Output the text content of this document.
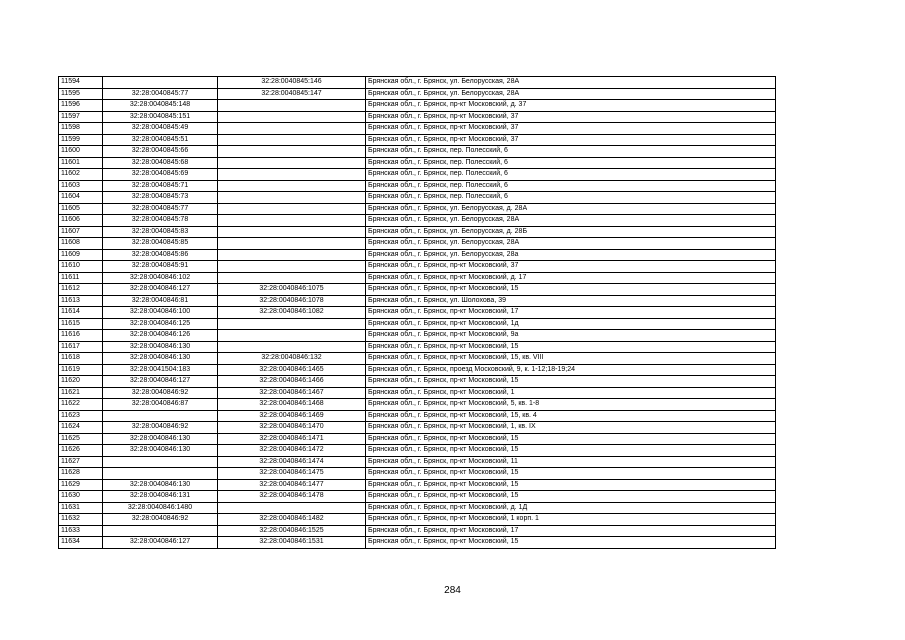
11594		32:28:0040845:146	Брянская обл., г. Брянск, ул. Белорусская, 28А
11595	32:28:0040845:77	32:28:0040845:147	Брянская обл., г. Брянск, ул. Белорусская, 28А
11596	32:28:0040845:148		Брянская обл., г. Брянск, пр-кт Московский, д. 37
11597	32:28:0040845:151		Брянская обл., г. Брянск, пр-кт Московский, 37
11598	32:28:0040845:49		Брянская обл., г. Брянск, пр-кт Московский, 37
11599	32:28:0040845:51		Брянская обл., г. Брянск, пр-кт Московский, 37
11600	32:28:0040845:66		Брянская обл., г. Брянск, пер. Полесский, 6
11601	32:28:0040845:68		Брянская обл., г. Брянск, пер. Полесский, 6
11602	32:28:0040845:69		Брянская обл., г. Брянск, пер. Полесский, 6
11603	32:28:0040845:71		Брянская обл., г. Брянск, пер. Полесский, 6
11604	32:28:0040845:73		Брянская обл., г. Брянск, пер. Полесский, 6
11605	32:28:0040845:77		Брянская обл., г. Брянск, ул. Белорусская, д. 28А
11606	32:28:0040845:78		Брянская обл., г. Брянск, ул. Белорусская, 28А
11607	32:28:0040845:83		Брянская обл., г. Брянск, ул. Белорусская, д. 28Б
11608	32:28:0040845:85		Брянская обл., г. Брянск, ул. Белорусская, 28А
11609	32:28:0040845:86		Брянская обл., г. Брянск, ул. Белорусская, 28а
11610	32:28:0040845:91		Брянская обл., г. Брянск, пр-кт Московский, 37
11611	32:28:0040846:102		Брянская обл., г. Брянск, пр-кт Московский, д. 17
11612	32:28:0040846:127	32:28:0040846:1075	Брянская обл., г. Брянск, пр-кт Московский, 15
11613	32:28:0040846:81	32:28:0040846:1078	Брянская обл., г. Брянск, ул. Шолохова, 39
11614	32:28:0040846:100	32:28:0040846:1082	Брянская обл., г. Брянск, пр-кт Московский, 17
11615	32:28:0040846:125		Брянская обл., г. Брянск, пр-кт Московский, 1д
11616	32:28:0040846:126		Брянская обл., г. Брянск, пр-кт Московский, 9а
11617	32:28:0040846:130		Брянская обл., г. Брянск, пр-кт Московский, 15
11618	32:28:0040846:130	32:28:0040846:132	Брянская обл., г. Брянск, пр-кт Московский, 15, кв. VIII
11619	32:28:0041504:183	32:28:0040846:1465	Брянская обл., г. Брянск, проезд Московский, 9, к. 1-12;18-19;24
11620	32:28:0040846:127	32:28:0040846:1466	Брянская обл., г. Брянск, пр-кт Московский, 15
11621	32:28:0040846:92	32:28:0040846:1467	Брянская обл., г. Брянск, пр-кт Московский, 1
11622	32:28:0040846:87	32:28:0040846:1468	Брянская обл., г. Брянск, пр-кт Московский, 5, кв. 1-8
11623		32:28:0040846:1469	Брянская обл., г. Брянск, пр-кт Московский, 15, кв. 4
11624	32:28:0040846:92	32:28:0040846:1470	Брянская обл., г. Брянск, пр-кт Московский, 1, кв. IX
11625	32:28:0040846:130	32:28:0040846:1471	Брянская обл., г. Брянск, пр-кт Московский, 15
11626	32:28:0040846:130	32:28:0040846:1472	Брянская обл., г. Брянск, пр-кт Московский, 15
11627		32:28:0040846:1474	Брянская обл., г. Брянск, пр-кт Московский, 11
11628		32:28:0040846:1475	Брянская обл., г. Брянск, пр-кт Московский, 15
11629	32:28:0040846:130	32:28:0040846:1477	Брянская обл., г. Брянск, пр-кт Московский, 15
11630	32:28:0040846:131	32:28:0040846:1478	Брянская обл., г. Брянск, пр-кт Московский, 15
11631	32:28:0040846:1480		Брянская обл., г. Брянск, пр-кт Московский, д. 1Д
11632	32:28:0040846:92	32:28:0040846:1482	Брянская обл., г. Брянск, пр-кт Московский, 1 корп. 1
11633		32:28:0040846:1525	Брянская обл., г. Брянск, пр-кт Московский, 17
11634	32:28:0040846:127	32:28:0040846:1531	Брянская обл., г. Брянск, пр-кт Московский, 15
284
